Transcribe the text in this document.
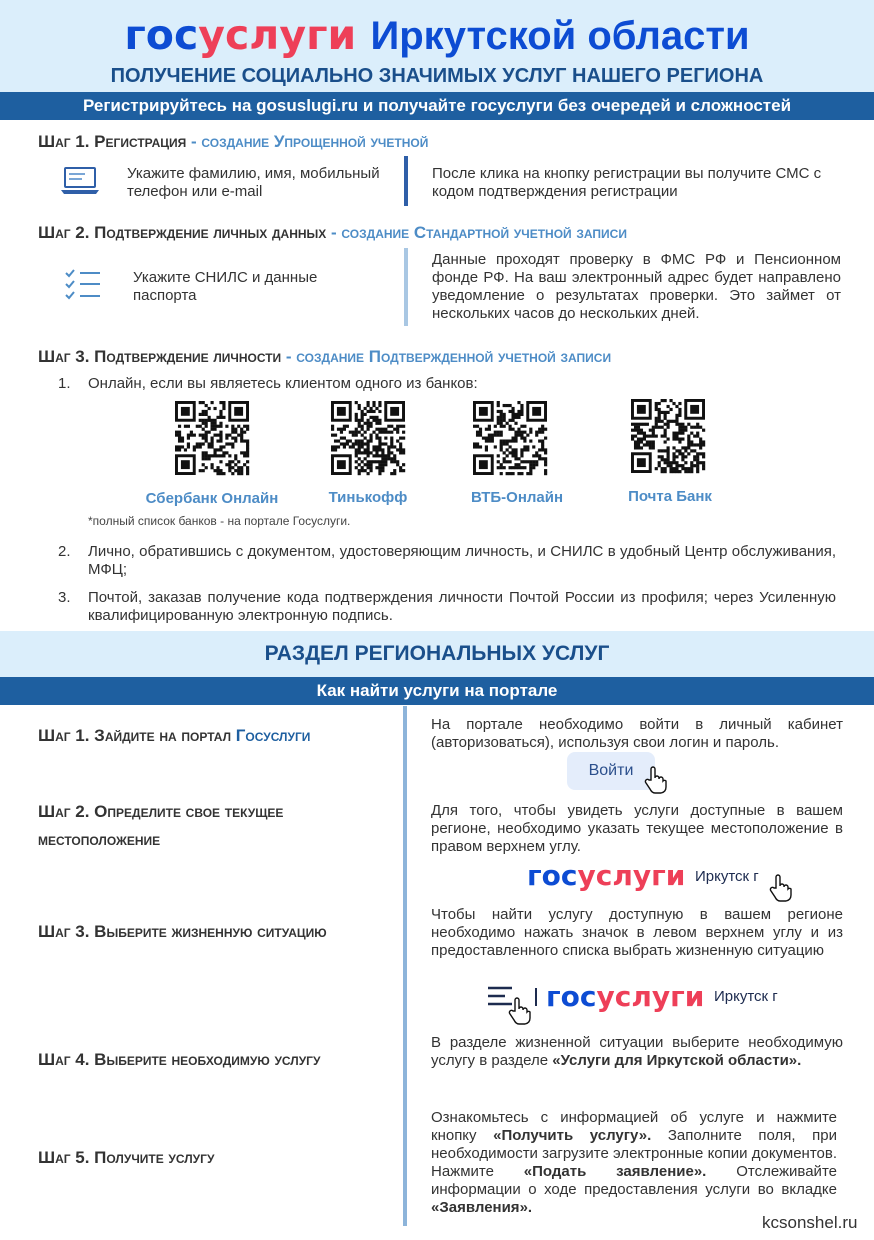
госуслуги Иркутской области
ПОЛУЧЕНИЕ СОЦИАЛЬНО ЗНАЧИМЫХ УСЛУГ НАШЕГО РЕГИОНА
Регистрируйтесь на gosuslugi.ru и получайте госуслуги без очередей и сложностей
Шаг 1. Регистрация - создание Упрощенной учетной
Укажите фамилию, имя, мобильный телефон или e-mail
После клика на кнопку регистрации вы получите СМС с кодом подтверждения регистрации
Шаг 2. Подтверждение личных данных - создание Стандартной учетной записи
Укажите СНИЛС и данные паспорта
Данные проходят проверку в ФМС РФ и Пенсионном фонде РФ. На ваш электронный адрес будет направлено уведомление о результатах проверки. Это займет от нескольких часов до нескольких дней.
Шаг 3. Подтверждение личности - создание Подтвержденной учетной записи
1. Онлайн, если вы являетесь клиентом одного из банков:
Сбербанк Онлайн	Тинькофф	ВТБ-Онлайн	Почта Банк
*полный список банков - на портале Госуслуги.
2. Лично, обратившись с документом, удостоверяющим личность, и СНИЛС в удобный Центр обслуживания, МФЦ;
3. Почтой, заказав получение кода подтверждения личности Почтой России из профиля; через Усиленную квалифицированную электронную подпись.
РАЗДЕЛ РЕГИОНАЛЬНЫХ УСЛУГ
Как найти услуги на портале
Шаг 1. Зайдите на портал Госуслуги
На портале необходимо войти в личный кабинет (авторизоваться), используя свои логин и пароль.
Войти
Шаг 2. Определите свое текущее местоположение
Для того, чтобы увидеть услуги доступные в вашем регионе, необходимо указать текущее местоположение в правом верхнем углу.
госуслуги Иркутск г
Шаг 3. Выберите жизненную ситуацию
Чтобы найти услугу доступную в вашем регионе необходимо нажать значок в левом верхнем углу и из предоставленного списка выбрать жизненную ситуацию
госуслуги Иркутск г
Шаг 4. Выберите необходимую услугу
В разделе жизненной ситуации выберите необходимую услугу в разделе «Услуги для Иркутской области».
Шаг 5. Получите услугу
Ознакомьтесь с информацией об услуге и нажмите кнопку «Получить услугу». Заполните поля, при необходимости загрузите электронные копии документов. Нажмите «Подать заявление». Отслеживайте информации о ходе предоставления услуги во вкладке «Заявления».
kcsonshel.ru
